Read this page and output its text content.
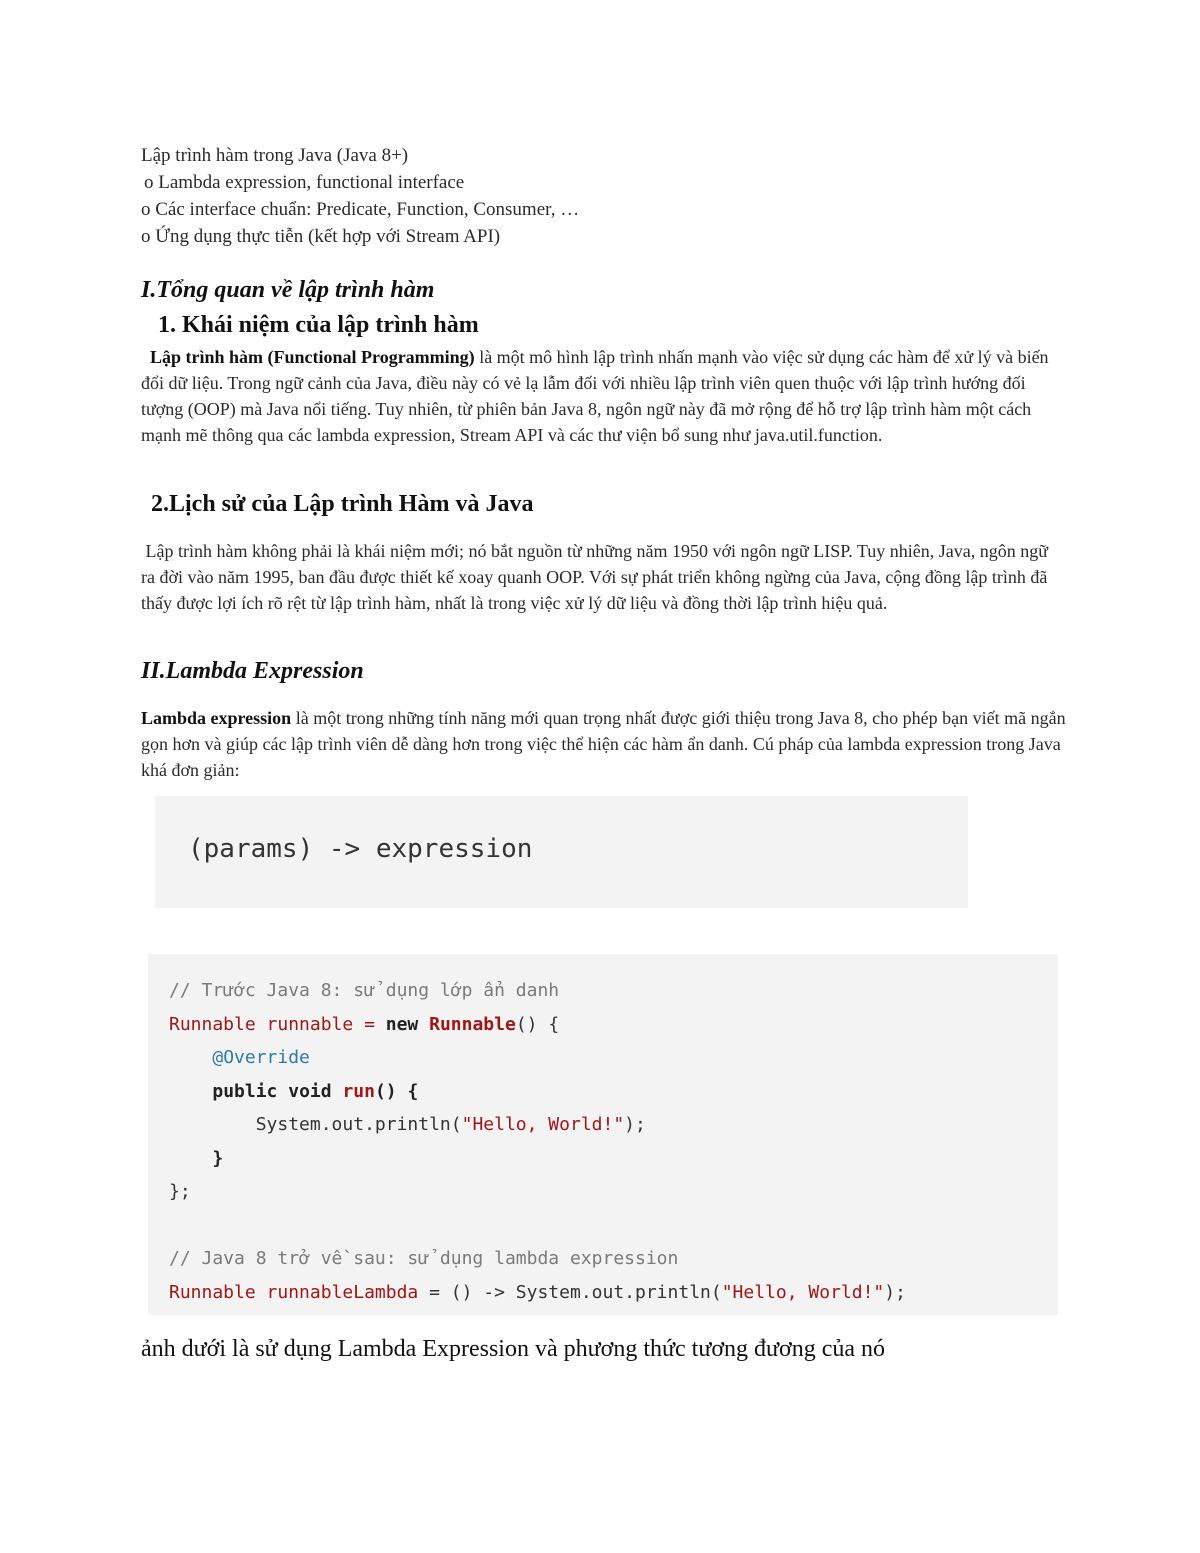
Lập trình hàm trong Java (Java 8+)
o Lambda expression, functional interface
o Các interface chuẩn: Predicate, Function, Consumer, …
o Ứng dụng thực tiễn (kết hợp với Stream API)
I.Tổng quan về lập trình hàm
1. Khái niệm của lập trình hàm
Lập trình hàm (Functional Programming) là một mô hình lập trình nhấn mạnh vào việc sử dụng các hàm để xử lý và biến đổi dữ liệu. Trong ngữ cảnh của Java, điều này có vẻ lạ lẫm đối với nhiều lập trình viên quen thuộc với lập trình hướng đối tượng (OOP) mà Java nổi tiếng. Tuy nhiên, từ phiên bản Java 8, ngôn ngữ này đã mở rộng để hỗ trợ lập trình hàm một cách mạnh mẽ thông qua các lambda expression, Stream API và các thư viện bổ sung như java.util.function.
2.Lịch sử của Lập trình Hàm và Java
Lập trình hàm không phải là khái niệm mới; nó bắt nguồn từ những năm 1950 với ngôn ngữ LISP. Tuy nhiên, Java, ngôn ngữ ra đời vào năm 1995, ban đầu được thiết kế xoay quanh OOP. Với sự phát triển không ngừng của Java, cộng đồng lập trình đã thấy được lợi ích rõ rệt từ lập trình hàm, nhất là trong việc xử lý dữ liệu và đồng thời lập trình hiệu quả.
II.Lambda Expression
Lambda expression là một trong những tính năng mới quan trọng nhất được giới thiệu trong Java 8, cho phép bạn viết mã ngắn gọn hơn và giúp các lập trình viên dễ dàng hơn trong việc thể hiện các hàm ẩn danh. Cú pháp của lambda expression trong Java khá đơn giản:
(params) -> expression
// Trước Java 8: sử dụng lớp ẩn danh
Runnable runnable = new Runnable() {
@Override
public void run() {
System.out.println("Hello, World!");
}
};

// Java 8 trở về sau: sử dụng lambda expression
Runnable runnableLambda = () -> System.out.println("Hello, World!");
ảnh dưới là sử dụng Lambda Expression và phương thức tương đương của nó
